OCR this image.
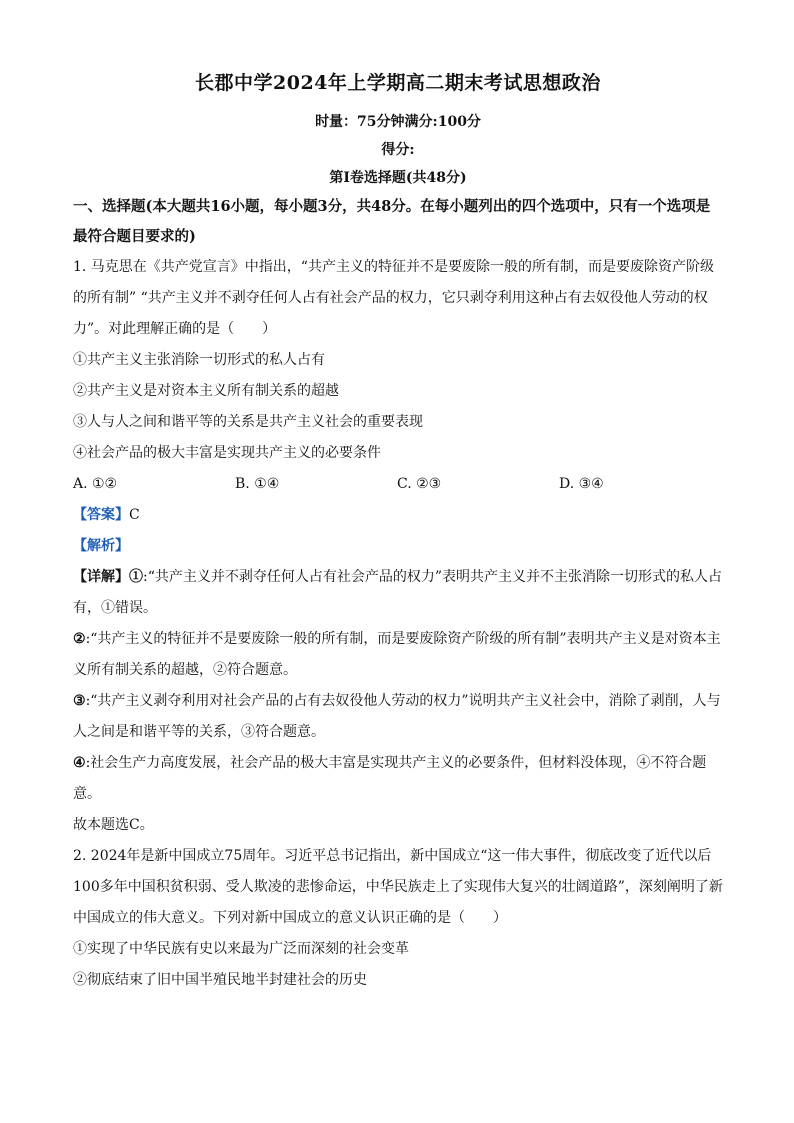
长郡中学2024年上学期高二期末考试思想政治
时量：75分钟满分:100分
得分:
第Ⅰ卷选择题(共48分)
一、选择题(本大题共16小题，每小题3分，共48分。在每小题列出的四个选项中，只有一个选项是最符合题目要求的)

1. 马克思在《共产党宣言》中指出，“共产主义的特征并不是要废除一般的所有制，而是要废除资产阶级的所有制” “共产主义并不剥夺任何人占有社会产品的权力，它只剥夺利用这种占有去奴役他人劳动的权力”。对此理解正确的是（　　）

①共产主义主张消除一切形式的私人占有

②共产主义是对资本主义所有制关系的超越

③人与人之间和谐平等的关系是共产主义社会的重要表现

④社会产品的极大丰富是实现共产主义的必要条件

A. ①②	B. ①④	C. ②③	D. ③④
【答案】C
【解析】

【详解】①:“共产主义并不剥夺任何人占有社会产品的权力”表明共产主义并不主张消除一切形式的私人占有，①错误。

②:“共产主义的特征并不是要废除一般的所有制，而是要废除资产阶级的所有制”表明共产主义是对资本主义所有制关系的超越，②符合题意。

③:“共产主义剥夺利用对社会产品的占有去奴役他人劳动的权力”说明共产主义社会中，消除了剥削，人与人之间是和谐平等的关系，③符合题意。

④:社会生产力高度发展，社会产品的极大丰富是实现共产主义的必要条件，但材料没体现，④不符合题意。

故本题选C。

2. 2024年是新中国成立75周年。习近平总书记指出，新中国成立“这一伟大事件，彻底改变了近代以后100多年中国积贫积弱、受人欺凌的悲惨命运，中华民族走上了实现伟大复兴的壮阔道路”，深刻阐明了新中国成立的伟大意义。下列对新中国成立的意义认识正确的是（　　）

①实现了中华民族有史以来最为广泛而深刻的社会变革

②彻底结束了旧中国半殖民地半封建社会的历史
